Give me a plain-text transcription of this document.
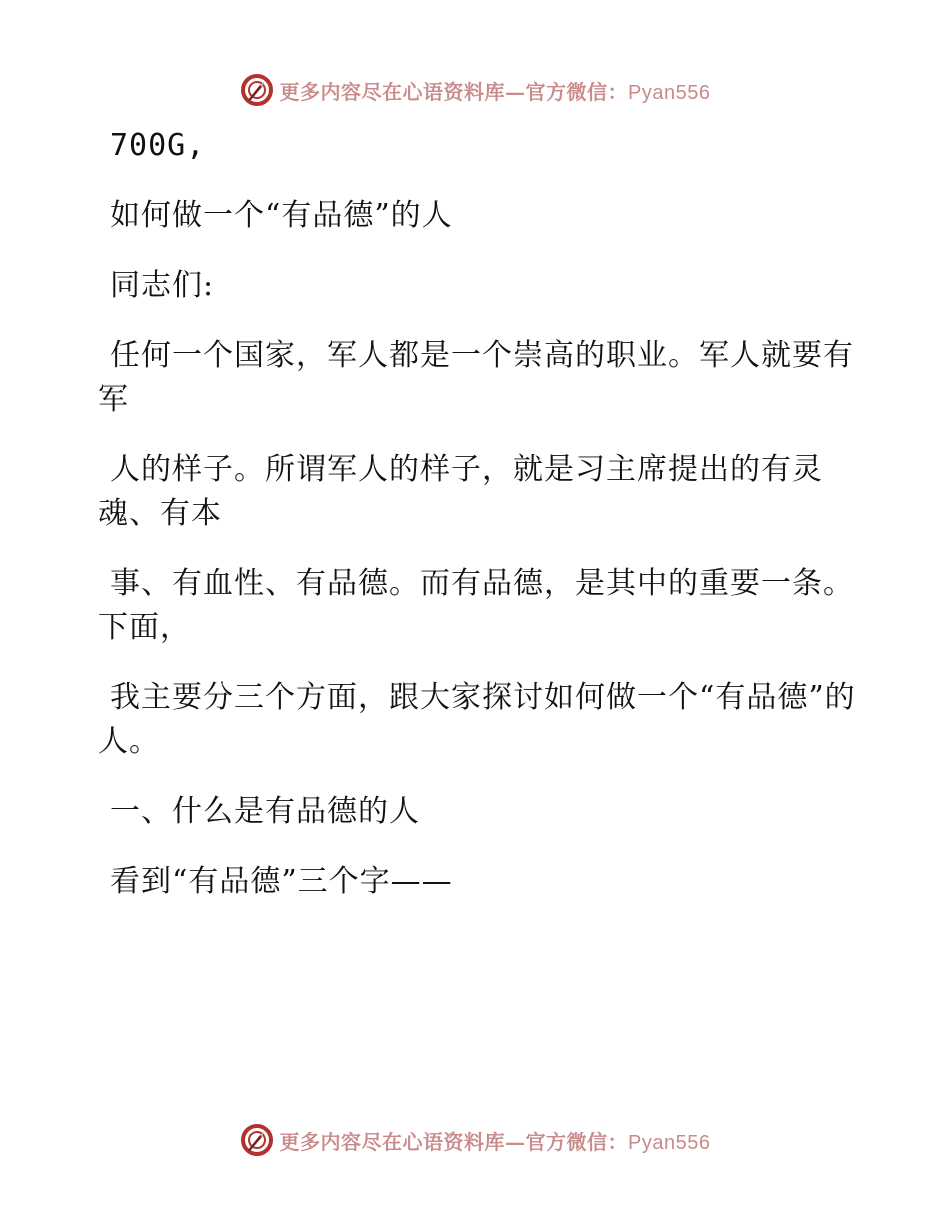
更多内容尽在心语资料库—官方微信：Pyan556

700G,

如何做一个“有品德”的人

同志们:

任何一个国家，军人都是一个崇高的职业。军人就要有军

人的样子。所谓军人的样子，就是习主席提出的有灵魂、有本

事、有血性、有品德。而有品德，是其中的重要一条。下面，

我主要分三个方面，跟大家探讨如何做一个“有品德”的人。

一、什么是有品德的人

看到“有品德”三个字——

更多内容尽在心语资料库—官方微信：Pyan556
